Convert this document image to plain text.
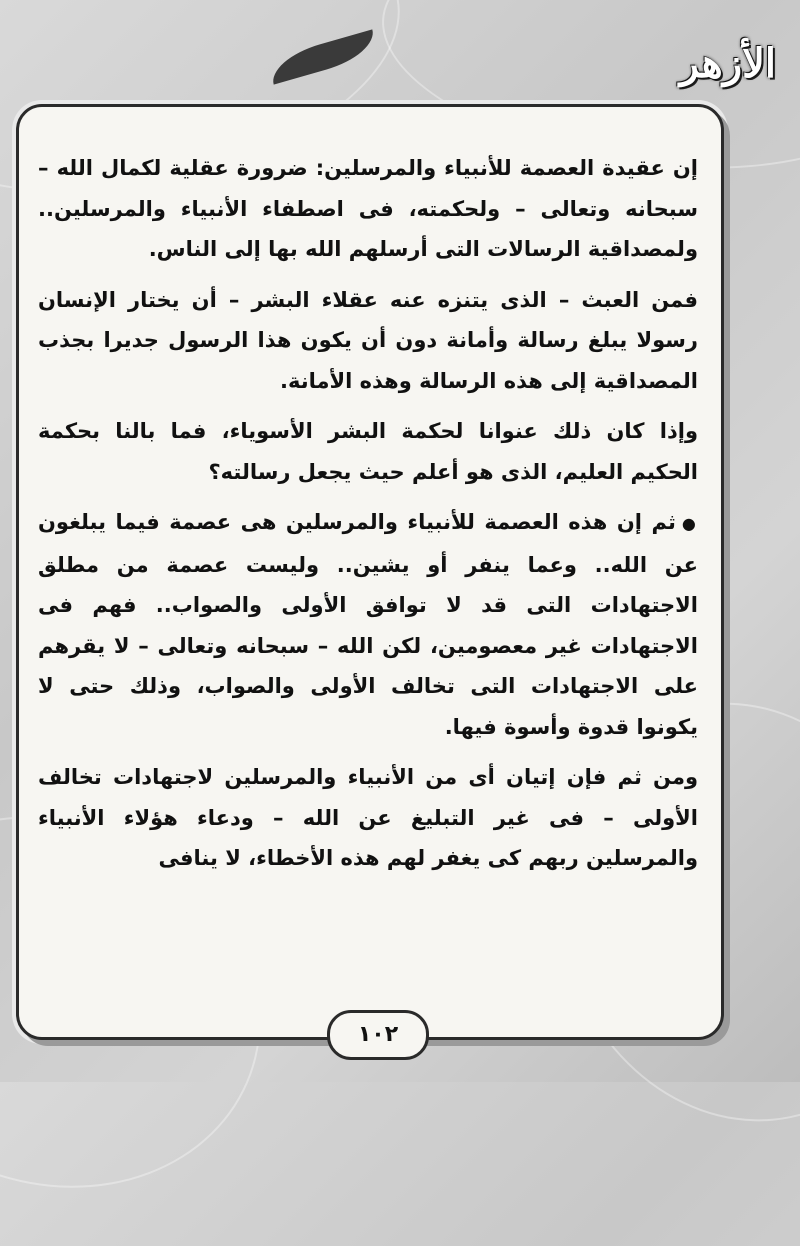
الأزهر

إن عقيدة العصمة للأنبياء والمرسلين: ضرورة عقلية لكمال الله – سبحانه وتعالى – ولحكمته، فى اصطفاء الأنبياء والمرسلين.. ولمصداقية الرسالات التى أرسلهم الله بها إلى الناس.

فمن العبث – الذى يتنزه عنه عقلاء البشر – أن يختار الإنسان رسولا يبلغ رسالة وأمانة دون أن يكون هذا الرسول جديرا بجذب المصداقية إلى هذه الرسالة وهذه الأمانة.

وإذا كان ذلك عنوانا لحكمة البشر الأسوياء، فما بالنا بحكمة الحكيم العليم، الذى هو أعلم حيث يجعل رسالته؟

●ثم إن هذه العصمة للأنبياء والمرسلين هى عصمة فيما يبلغون عن الله.. وعما ينفر أو يشين.. وليست عصمة من مطلق الاجتهادات التى قد لا توافق الأولى والصواب.. فهم فى الاجتهادات غير معصومين، لكن الله – سبحانه وتعالى – لا يقرهم على الاجتهادات التى تخالف الأولى والصواب، وذلك حتى لا يكونوا قدوة وأسوة فيها.

ومن ثم فإن إتيان أى من الأنبياء والمرسلين لاجتهادات تخالف الأولى – فى غير التبليغ عن الله – ودعاء هؤلاء الأنبياء والمرسلين ربهم كى يغفر لهم هذه الأخطاء، لا ينافى

١٠٢
